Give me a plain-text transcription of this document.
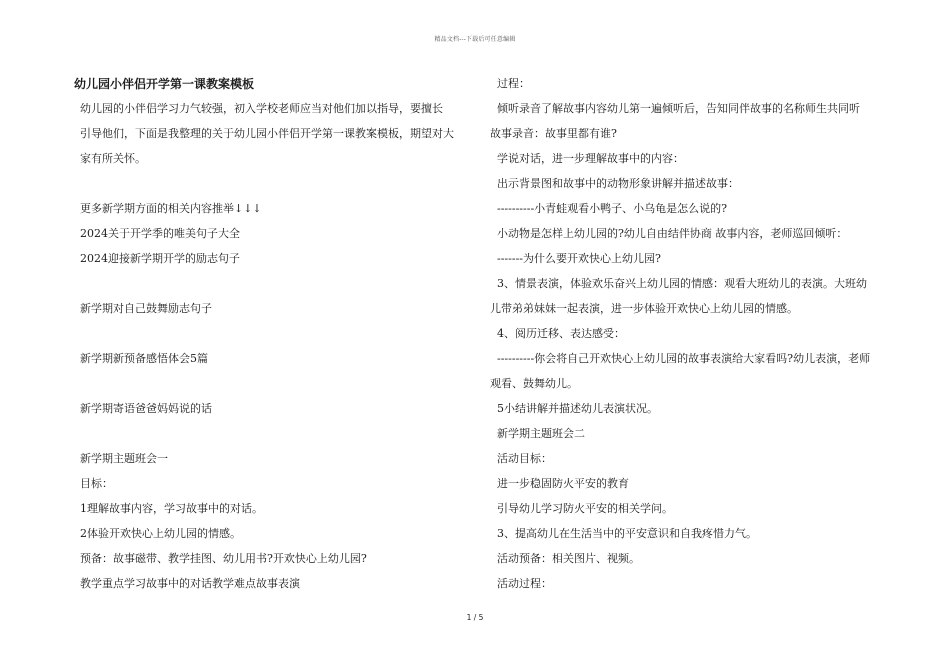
精品文档---下载后可任意编辑
幼儿园小伴侣开学第一课教案模板
幼儿园的小伴侣学习力气较强，初入学校老师应当对他们加以指导，要擅长
引导他们，下面是我整理的关于幼儿园小伴侣开学第一课教案模板，期望对大
家有所关怀。
更多新学期方面的相关内容推举↓↓↓
2024关于开学季的唯美句子大全
2024迎接新学期开学的励志句子
新学期对自己鼓舞励志句子
新学期新预备感悟体会5篇
新学期寄语爸爸妈妈说的话
新学期主题班会一
目标：
1理解故事内容，学习故事中的对话。
2体验开欢快心上幼儿园的情感。
预备：故事磁带、教学挂图、幼儿用书?开欢快心上幼儿园?
教学重点学习故事中的对话教学难点故事表演
过程：
倾听录音了解故事内容幼儿第一遍倾听后，告知同伴故事的名称师生共同听
故事录音：故事里都有谁?
学说对话，进一步理解故事中的内容：
出示背景图和故事中的动物形象讲解并描述故事：
----------小青蛙观看小鸭子、小乌龟是怎么说的?
小动物是怎样上幼儿园的?幼儿自由结伴协商 故事内容，老师巡回倾听：
-------为什么要开欢快心上幼儿园?
3、情景表演，体验欢乐奋兴上幼儿园的情感：观看大班幼儿的表演。大班幼
儿带弟弟妹妹一起表演，进一步体验开欢快心上幼儿园的情感。
4、阅历迁移、表达感受：
----------你会将自己开欢快心上幼儿园的故事表演给大家看吗?幼儿表演，老师
观看、鼓舞幼儿。
5小结讲解并描述幼儿表演状况。
新学期主题班会二
活动目标：
进一步稳固防火平安的教育
引导幼儿学习防火平安的相关学问。
3、提高幼儿在生活当中的平安意识和自我疼惜力气。
活动预备：相关图片、视频。
活动过程：
1 / 5
